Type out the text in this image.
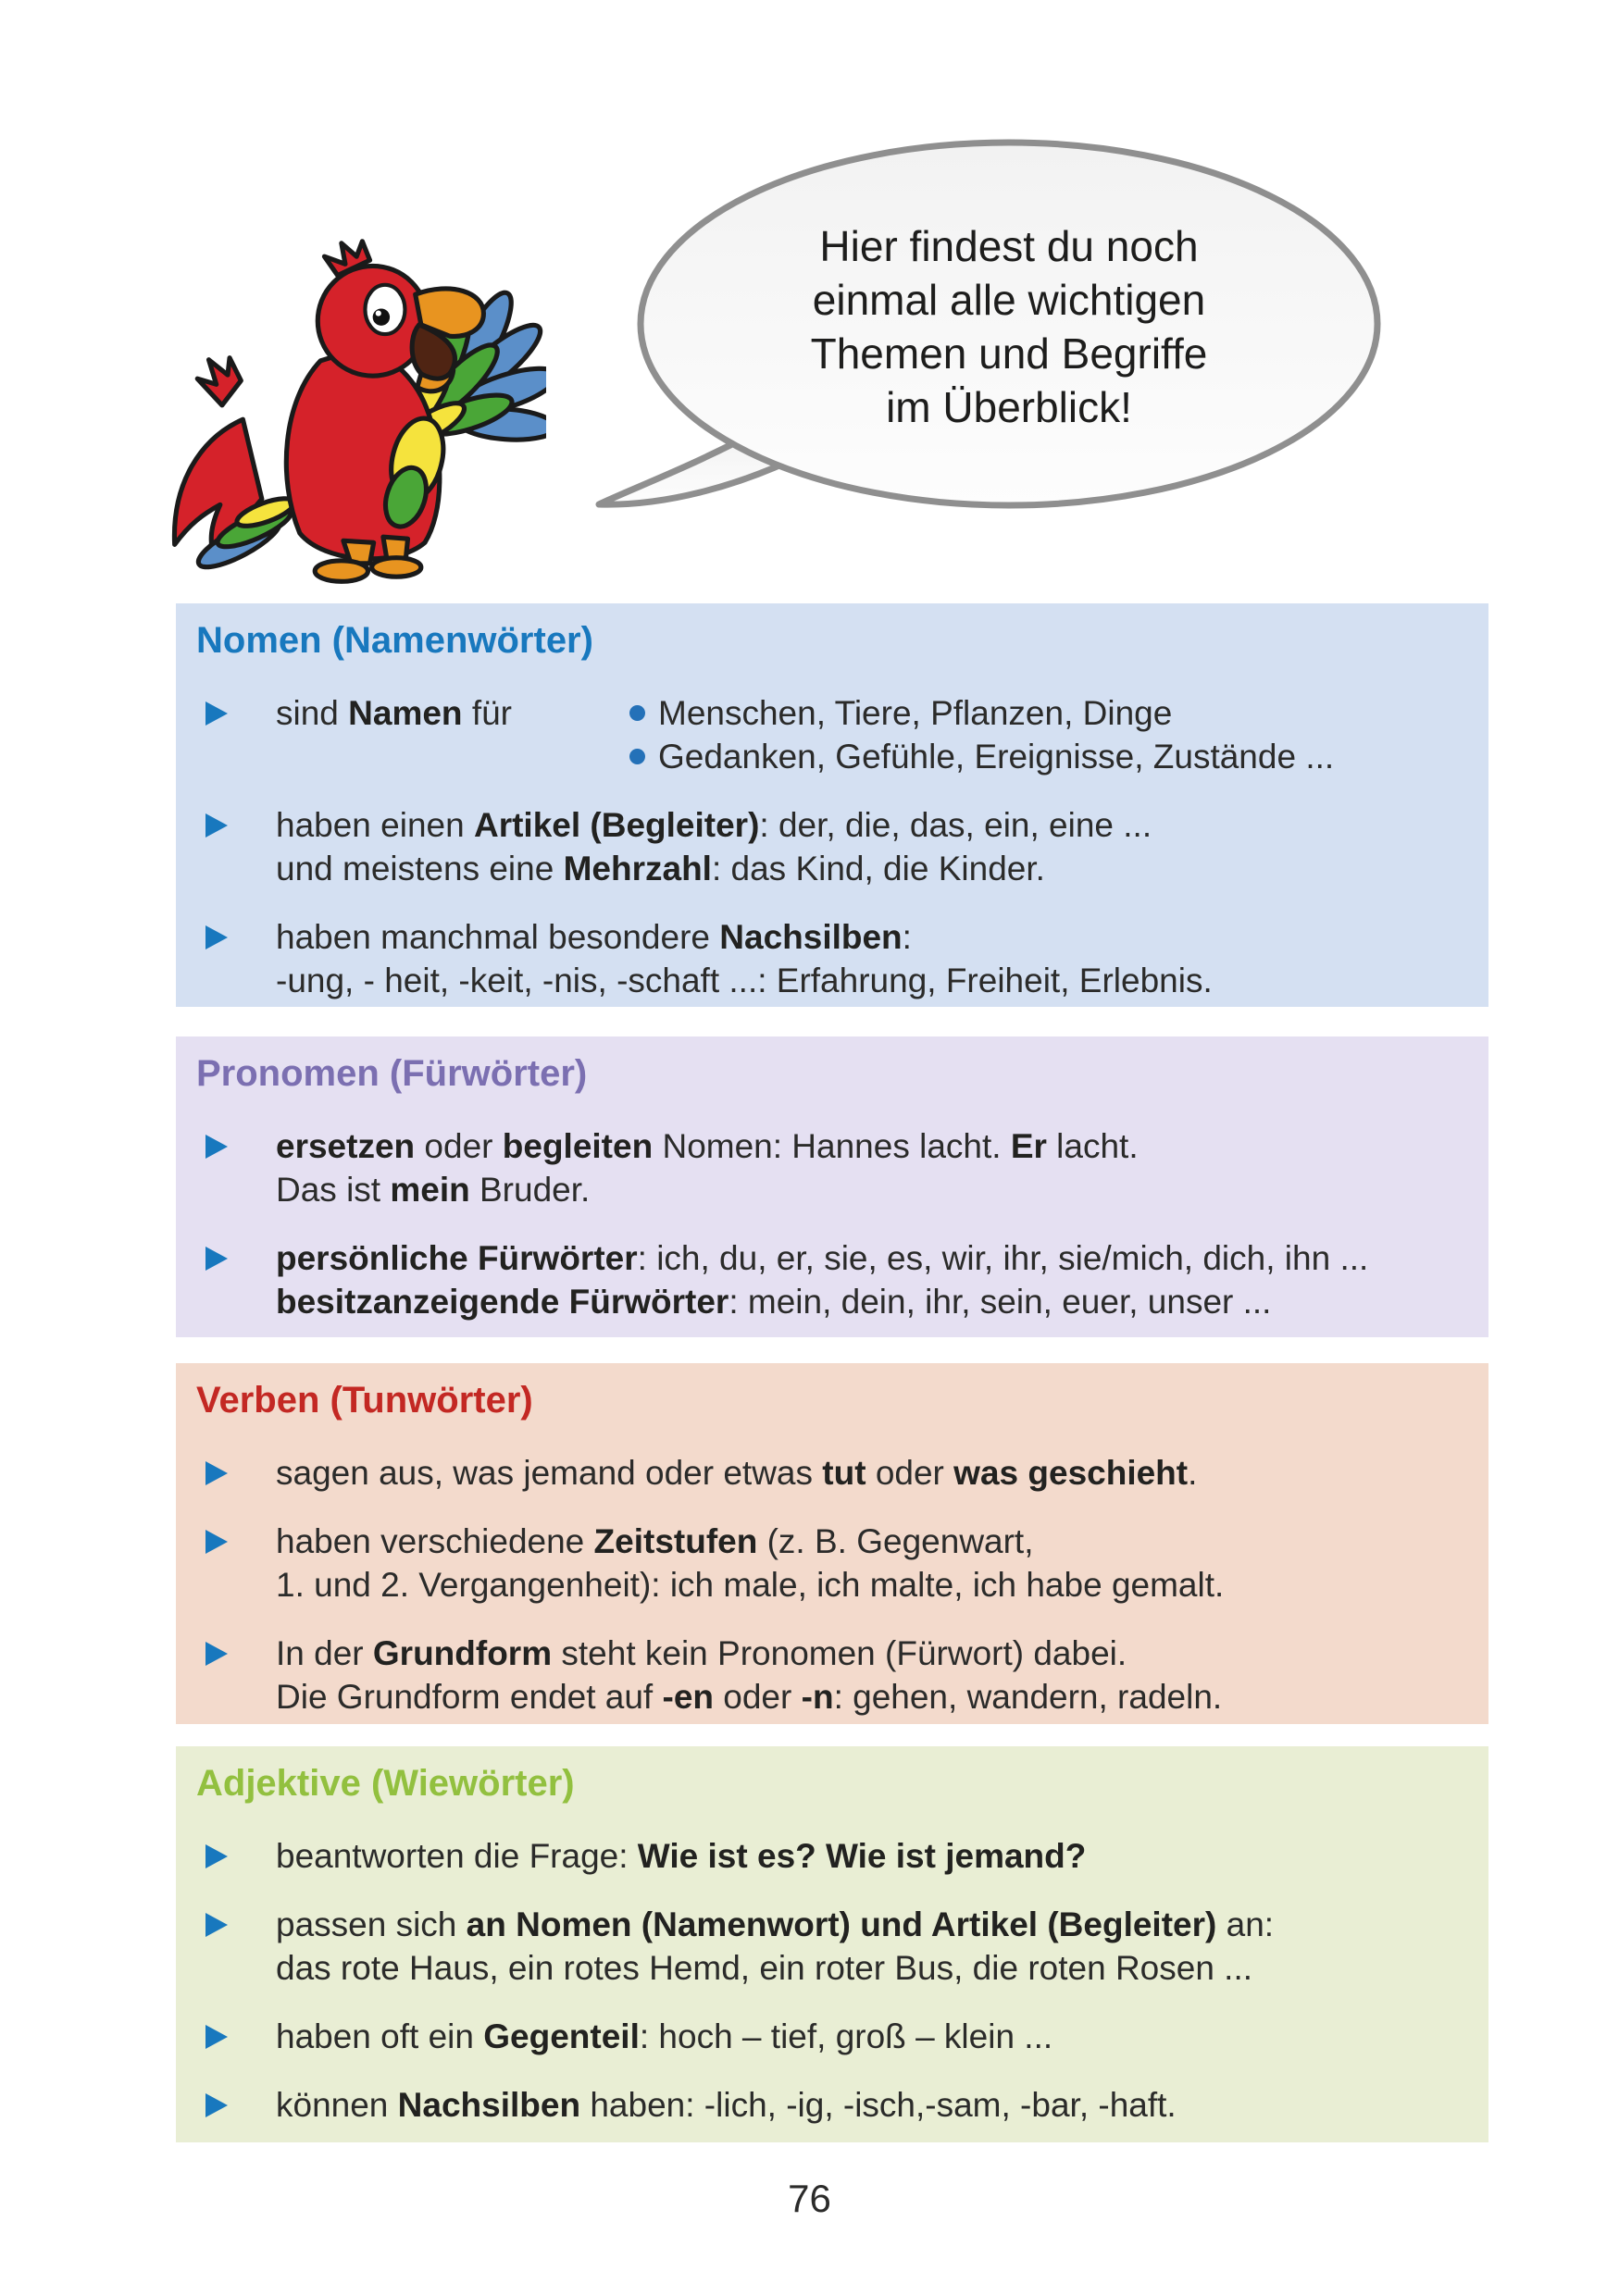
Hier findest du noch
einmal alle wichtigen
Themen und Begriffe
im Überblick!
Nomen (Namenwörter)
sind Namen für	Menschen, Tiere, Pflanzen, Dinge
Gedanken, Gefühle, Ereignisse, Zustände ...
haben einen Artikel (Begleiter): der, die, das, ein, eine ...
und meistens eine Mehrzahl: das Kind, die Kinder.
haben manchmal besondere Nachsilben:
-ung, - heit, -keit, -nis, -schaft ...: Erfahrung, Freiheit, Erlebnis.
Pronomen (Fürwörter)
ersetzen oder begleiten Nomen: Hannes lacht. Er lacht.
Das ist mein Bruder.
persönliche Fürwörter: ich, du, er, sie, es, wir, ihr, sie/mich, dich, ihn ...
besitzanzeigende Fürwörter: mein, dein, ihr, sein, euer, unser ...
Verben (Tunwörter)
sagen aus, was jemand oder etwas tut oder was geschieht.
haben verschiedene Zeitstufen (z. B. Gegenwart,
1. und 2. Vergangenheit): ich male, ich malte, ich habe gemalt.
In der Grundform steht kein Pronomen (Fürwort) dabei.
Die Grundform endet auf -en oder -n: gehen, wandern, radeln.
Adjektive (Wiewörter)
beantworten die Frage: Wie ist es? Wie ist jemand?
passen sich an Nomen (Namenwort) und Artikel (Begleiter) an:
das rote Haus, ein rotes Hemd, ein roter Bus, die roten Rosen ...
haben oft ein Gegenteil: hoch – tief, groß – klein ...
können Nachsilben haben: -lich, -ig, -isch,-sam, -bar, -haft.
76
